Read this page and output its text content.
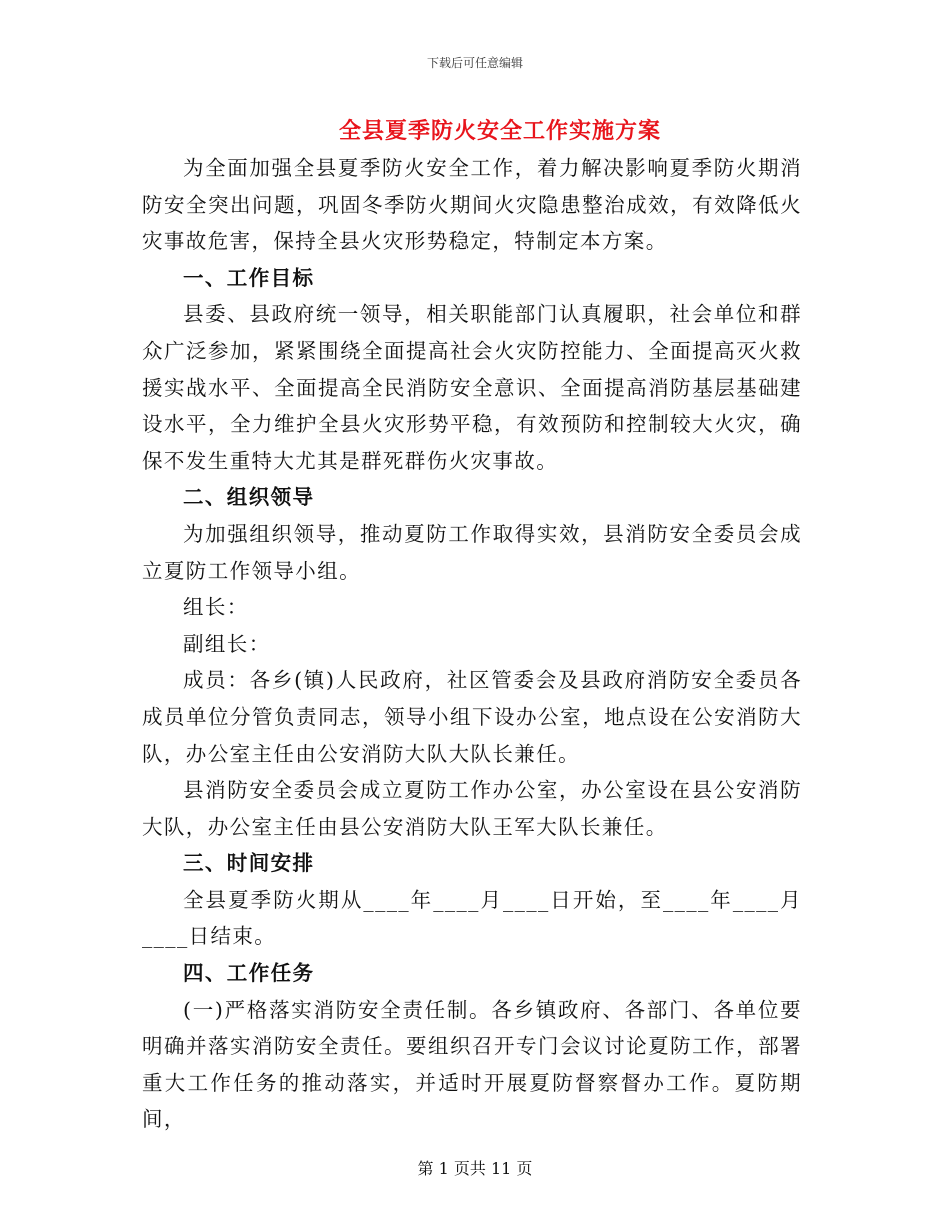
下载后可任意编辑
全县夏季防火安全工作实施方案

为全面加强全县夏季防火安全工作，着力解决影响夏季防火期消防安全突出问题，巩固冬季防火期间火灾隐患整治成效，有效降低火灾事故危害，保持全县火灾形势稳定，特制定本方案。

一、工作目标

县委、县政府统一领导，相关职能部门认真履职，社会单位和群众广泛参加，紧紧围绕全面提高社会火灾防控能力、全面提高灭火救援实战水平、全面提高全民消防安全意识、全面提高消防基层基础建设水平，全力维护全县火灾形势平稳，有效预防和控制较大火灾，确保不发生重特大尤其是群死群伤火灾事故。

二、组织领导

为加强组织领导，推动夏防工作取得实效，县消防安全委员会成立夏防工作领导小组。

组长：

副组长：

成员：各乡(镇)人民政府，社区管委会及县政府消防安全委员各成员单位分管负责同志，领导小组下设办公室，地点设在公安消防大队，办公室主任由公安消防大队大队长兼任。

县消防安全委员会成立夏防工作办公室，办公室设在县公安消防大队，办公室主任由县公安消防大队王军大队长兼任。

三、时间安排

全县夏季防火期从____年____月____日开始，至____年____月____日结束。

四、工作任务

(一)严格落实消防安全责任制。各乡镇政府、各部门、各单位要明确并落实消防安全责任。要组织召开专门会议讨论夏防工作，部署重大工作任务的推动落实，并适时开展夏防督察督办工作。夏防期间，

第 1 页共 11 页
